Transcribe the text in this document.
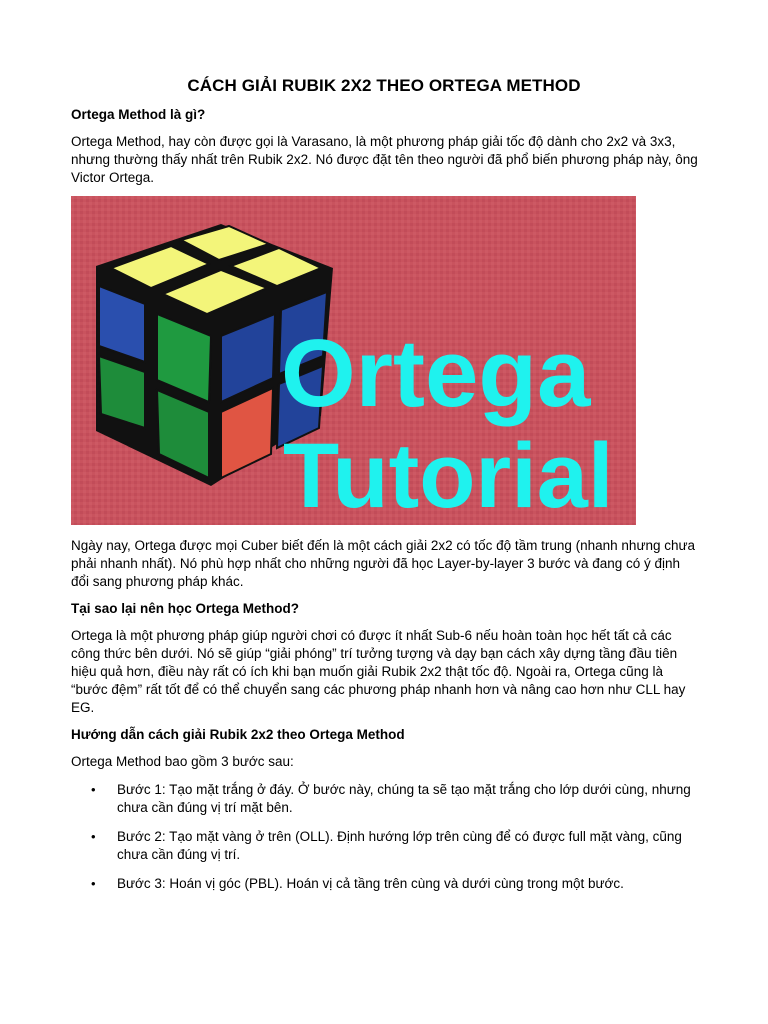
CÁCH GIẢI RUBIK 2X2 THEO ORTEGA METHOD

Ortega Method là gì?

Ortega Method, hay còn được gọi là Varasano, là một phương pháp giải tốc độ dành cho 2x2 và 3x3, nhưng thường thấy nhất trên Rubik 2x2. Nó được đặt tên theo người đã phổ biến phương pháp này, ông Victor Ortega.

Ortega
Tutorial

Ngày nay, Ortega được mọi Cuber biết đến là một cách giải 2x2 có tốc độ tầm trung (nhanh nhưng chưa phải nhanh nhất). Nó phù hợp nhất cho những người đã học Layer-by-layer 3 bước và đang có ý định đổi sang phương pháp khác.

Tại sao lại nên học Ortega Method?

Ortega là một phương pháp giúp người chơi có được ít nhất Sub-6 nếu hoàn toàn học hết tất cả các công thức bên dưới. Nó sẽ giúp “giải phóng” trí tưởng tượng và dạy bạn cách xây dựng tầng đầu tiên hiệu quả hơn, điều này rất có ích khi bạn muốn giải Rubik 2x2 thật tốc độ. Ngoài ra, Ortega cũng là “bước đệm” rất tốt để có thể chuyển sang các phương pháp nhanh hơn và nâng cao hơn như CLL hay EG.

Hướng dẫn cách giải Rubik 2x2 theo Ortega Method

Ortega Method bao gồm 3 bước sau:

• Bước 1: Tạo mặt trắng ở đáy. Ở bước này, chúng ta sẽ tạo mặt trắng cho lớp dưới cùng, nhưng chưa cần đúng vị trí mặt bên.
• Bước 2: Tạo mặt vàng ở trên (OLL). Định hướng lớp trên cùng để có được full mặt vàng, cũng chưa cần đúng vị trí.
• Bước 3: Hoán vị góc (PBL). Hoán vị cả tầng trên cùng và dưới cùng trong một bước.
